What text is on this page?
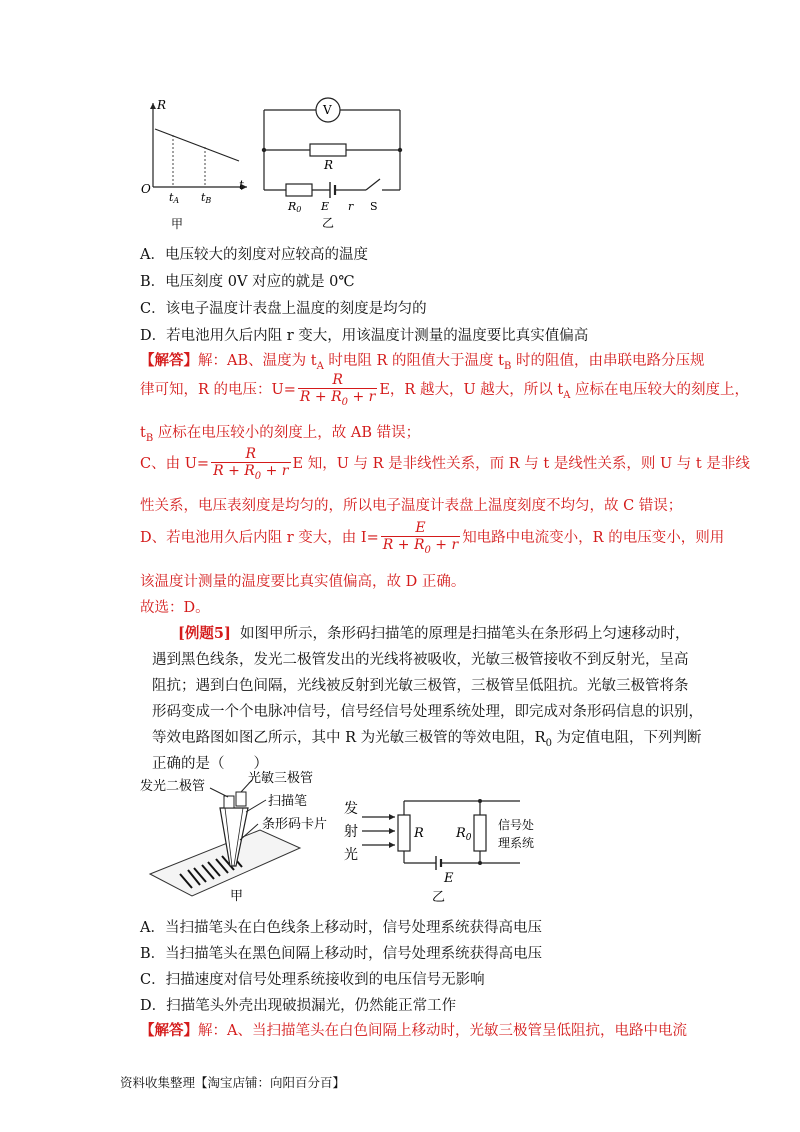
R
t
O
tA tB
甲
V
R
R0 E r S
乙
A．电压较大的刻度对应较高的温度
B．电压刻度 0V 对应的就是 0℃
C．该电子温度计表盘上温度的刻度是均匀的
D．若电池用久后内阻 r 变大，用该温度计测量的温度要比真实值偏高
【解答】解：AB、温度为 $t_A$ 时电阻 R 的阻值大于温度 $t_B$ 时的阻值，由串联电路分压规
律可知，R 的电压：$U= \frac{R}{R + R_0 + r}$ E，R 越大，U 越大，所以 $t_A$ 应标在电压较大的刻度上，
$t_B$ 应标在电压较小的刻度上，故 AB 错误；
C、由 $U= \frac{R}{R + R_0 + r}$ E 知，U 与 R 是非线性关系，而 R 与 t 是线性关系，则 U 与 t 是非线
性关系，电压表刻度是均匀的，所以电子温度计表盘上温度刻度不均匀，故 C 错误；
D、若电池用久后内阻 r 变大，由 $I= \frac{E}{R + R_0 + r}$ 知电路中电流变小，R 的电压变小，则用
该温度计测量的温度要比真实值偏高，故 D 正确。
故选：D。
[例题5] 如图甲所示，条形码扫描笔的原理是扫描笔头在条形码上匀速移动时，
遇到黑色线条，发光二极管发出的光线将被吸收，光敏三极管接收不到反射光，呈高
阻抗；遇到白色间隔，光线被反射到光敏三极管，三极管呈低阻抗。光敏三极管将条
形码变成一个个电脉冲信号，信号经信号处理系统处理，即完成对条形码信息的识别，
等效电路图如图乙所示，其中 R 为光敏三极管的等效电阻，$R_0$ 为定值电阻，下列判断
正确的是（　　）
发光二极管
光敏三极管
扫描笔
条形码卡片
甲
发
射
光
R $R_0$
信号处
理系统
E
乙
A．当扫描笔头在白色线条上移动时，信号处理系统获得高电压
B．当扫描笔头在黑色间隔上移动时，信号处理系统获得高电压
C．扫描速度对信号处理系统接收到的电压信号无影响
D．扫描笔头外壳出现破损漏光，仍然能正常工作
【解答】解：A、当扫描笔头在白色间隔上移动时，光敏三极管呈低阻抗，电路中电流
资料收集整理【淘宝店铺：向阳百分百】
